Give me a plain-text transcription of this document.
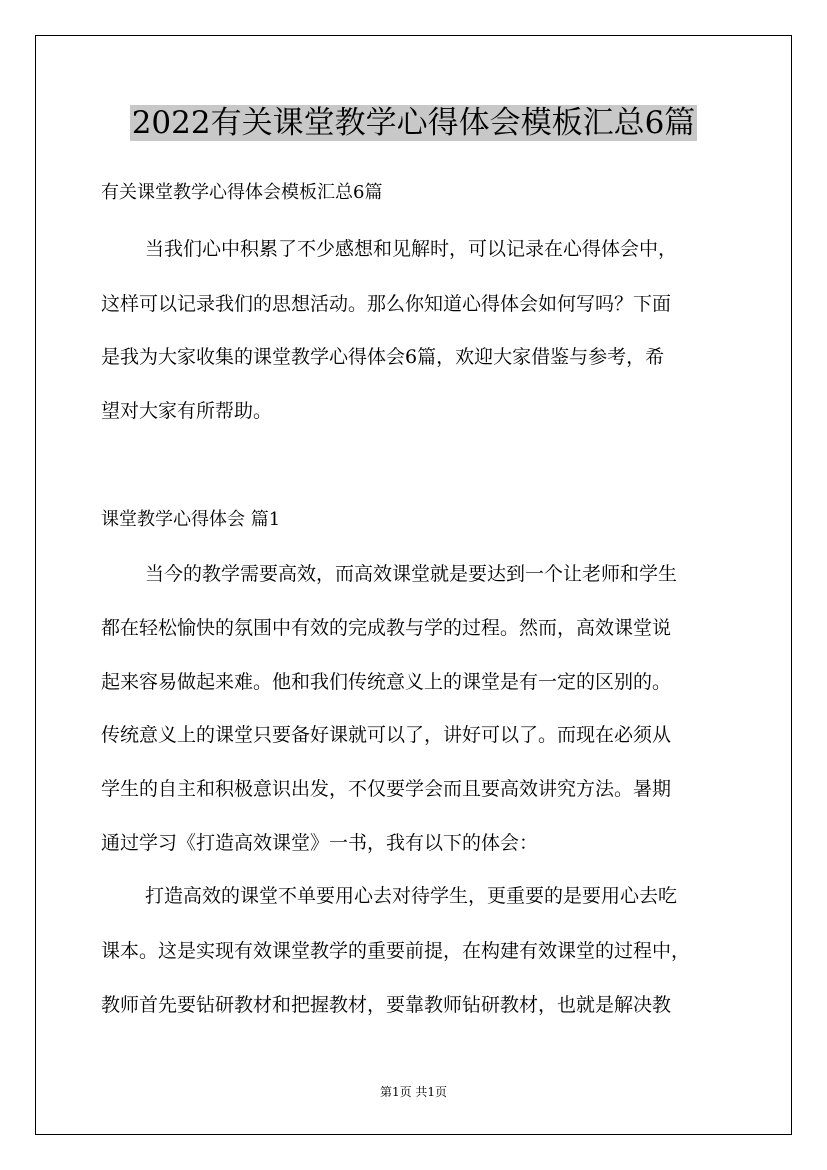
2022有关课堂教学心得体会模板汇总6篇
有关课堂教学心得体会模板汇总6篇
当我们心中积累了不少感想和见解时，可以记录在心得体会中，
这样可以记录我们的思想活动。那么你知道心得体会如何写吗？下面
是我为大家收集的课堂教学心得体会6篇，欢迎大家借鉴与参考，希
望对大家有所帮助。
课堂教学心得体会 篇1
当今的教学需要高效，而高效课堂就是要达到一个让老师和学生
都在轻松愉快的氛围中有效的完成教与学的过程。然而，高效课堂说
起来容易做起来难。他和我们传统意义上的课堂是有一定的区别的。
传统意义上的课堂只要备好课就可以了，讲好可以了。而现在必须从
学生的自主和积极意识出发，不仅要学会而且要高效讲究方法。暑期
通过学习《打造高效课堂》一书，我有以下的体会：
打造高效的课堂不单要用心去对待学生，更重要的是要用心去吃
课本。这是实现有效课堂教学的重要前提，在构建有效课堂的过程中，
教师首先要钻研教材和把握教材，要靠教师钻研教材，也就是解决教
第1页 共1页
